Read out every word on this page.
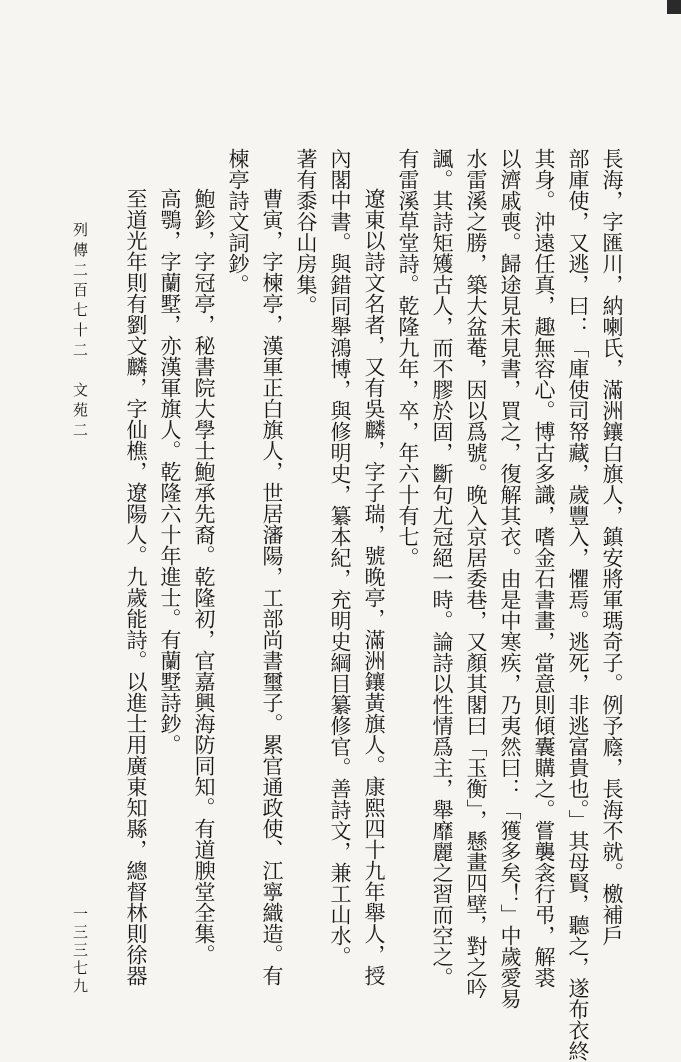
長海，字匯川，納喇氏，滿洲鑲白旗人，鎮安將軍瑪奇子。例予廕，長海不就。檄補戶
部庫使，又逃，曰：「庫使司帑藏，歲豐入，懼焉。逃死，非逃富貴也。」其母賢，聽之，遂布衣終
其身。沖遠任真，趣無容心。博古多識，嗜金石書畫，當意則傾囊購之。嘗襲衾行弔，解裘
以濟戚喪。歸途見未見書，買之，復解其衣。由是中寒疾，乃夷然曰：「獲多矣！」中歲愛易
水雷溪之勝，築大盆菴，因以爲號。晚入京居委巷，又顏其閣曰「玉衡」，懸畫四壁，對之吟
諷。其詩矩矱古人，而不膠於固，斷句尤冠絕一時。論詩以性情爲主，舉靡麗之習而空之。
有雷溪草堂詩。乾隆九年，卒，年六十有七。
遼東以詩文名者，又有吳麟，字子瑞，號晚亭，滿洲鑲黃旗人。康熙四十九年舉人，授
內閣中書。與錯同舉鴻博，與修明史，纂本紀，充明史綱目纂修官。善詩文，兼工山水。
著有黍谷山房集。
曹寅，字楝亭，漢軍正白旗人，世居瀋陽，工部尚書璽子。累官通政使、江寧織造。有
楝亭詩文詞鈔。
鮑鉁，字冠亭，秘書院大學士鮑承先裔。乾隆初，官嘉興海防同知。有道腴堂全集。
高鶚，字蘭墅，亦漢軍旗人。乾隆六十年進士。有蘭墅詩鈔。
至道光年則有劉文麟，字仙樵，遼陽人。九歲能詩。以進士用廣東知縣，總督林則徐器
列傳二百七十二　文苑二
一三三七九
